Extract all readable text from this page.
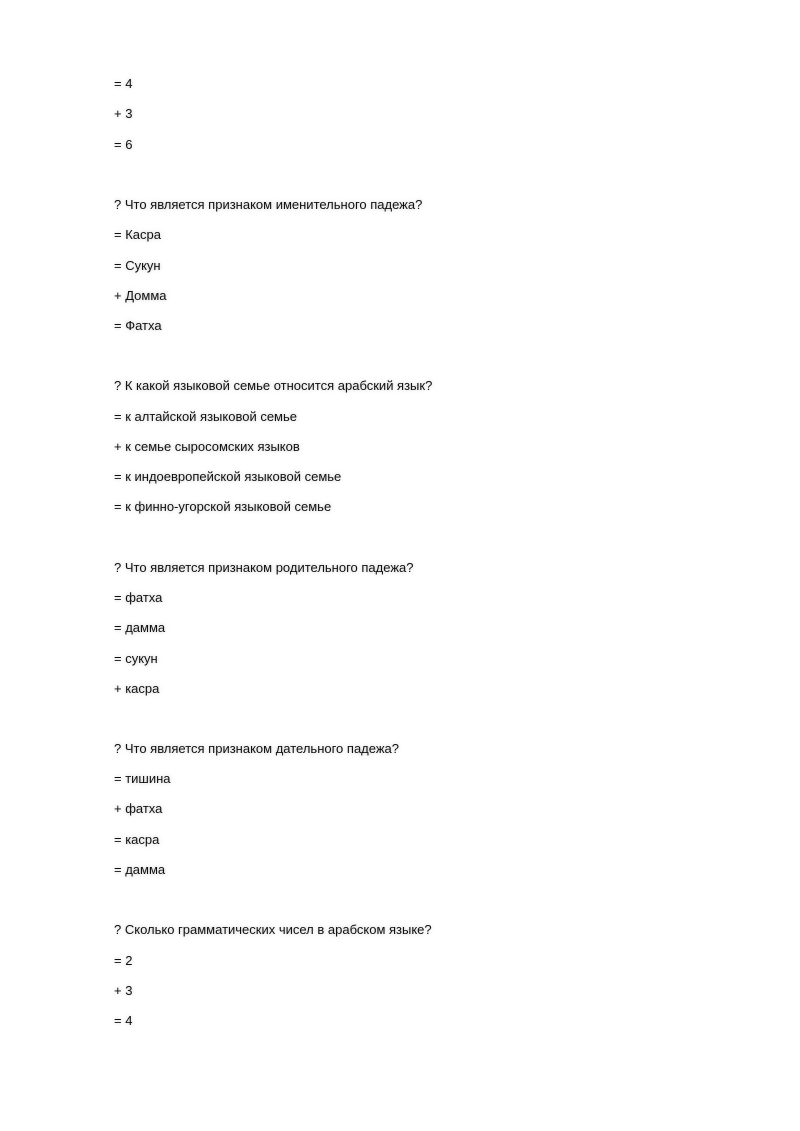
= 4
+ 3
= 6
? Что является признаком именительного падежа?
= Касра
= Сукун
+ Домма
= Фатха
? К какой языковой семье относится арабский язык?
= к алтайской языковой семье
+ к семье сыросомских языков
= к индоевропейской языковой семье
= к финно-угорской языковой семье
? Что является признаком родительного падежа?
= фатха
= дамма
= сукун
+ касра
? Что является признаком дательного падежа?
= тишина
+ фатха
= касра
= дамма
? Сколько грамматических чисел в арабском языке?
= 2
+ 3
= 4
